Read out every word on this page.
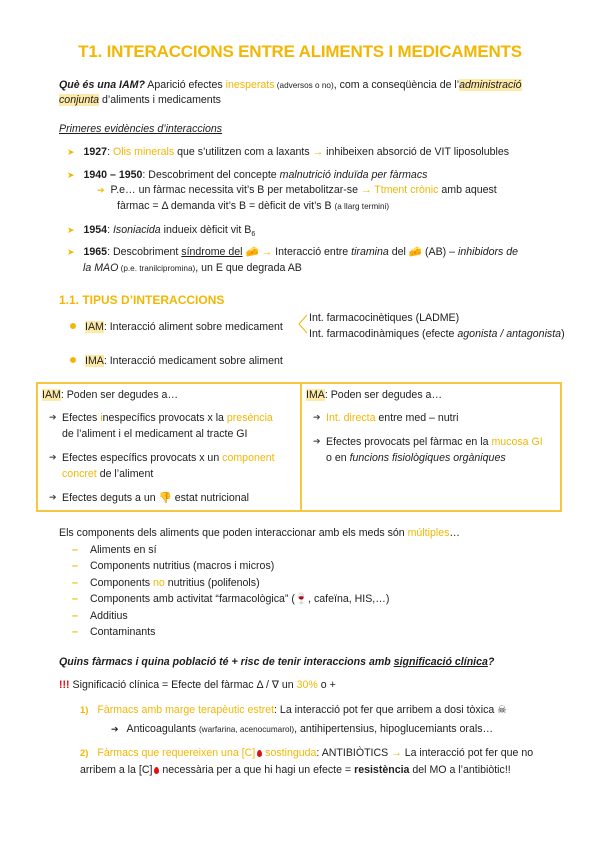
T1. INTERACCIONS ENTRE ALIMENTS I MEDICAMENTS
Què és una IAM? Aparició efectes inesperats (adversos o no), com a conseqüència de l’administració
conjunta d’aliments i medicaments
Primeres evidències d’interaccions
➤ 1927: Olis minerals que s’utilitzen com a laxants → inhibeixen absorció de VIT liposolubles
➤ 1940 – 1950: Descobriment del concepte malnutrició induïda per fàrmacs
➔ P.e… un fàrmac necessita vit’s B per metabolitzar-se → Ttment crònic amb aquest
fàrmac = Δ demanda vit’s B = dèficit de vit’s B (a llarg termini)
➤ 1954: Isoniacida indueix dèficit vit $B_6$
➤ 1965: Descobriment síndrome del 🧀 → Interacció entre tiramina del 🧀 (AB) – inhibidors de
la MAO (p.e. tranilcipromina), un E que degrada AB
1.1. TIPUS D’INTERACCIONS
IAM: Interacció aliment sobre medicament
Int. farmacocinètiques (LADME)
Int. farmacodinàmiques (efecte agonista / antagonista)
IMA: Interacció medicament sobre aliment
IAM: Poden ser degudes a…
➔ Efectes inespecífics provocats x la presència
de l’aliment i el medicament al tracte GI
➔ Efectes específics provocats x un component
concret de l’aliment
➔ Efectes deguts a un 👎 estat nutricional
IMA: Poden ser degudes a…
➔ Int. directa entre med – nutri
➔ Efectes provocats pel fàrmac en la mucosa GI
o en funcions fisiològiques orgàniques
Els components dels aliments que poden interaccionar amb els meds són múltiples…
– Aliments en sí
– Components nutritius (macros i micros)
– Components no nutritius (polifenols)
– Components amb activitat “farmacològica” (🍷, cafeïna, HIS,…)
– Additius
– Contaminants
Quins fàrmacs i quina població té + risc de tenir interaccions amb significació clínica?
!!! Significació clínica = Efecte del fàrmac Δ / ∇ un 30% o +
1) Fàrmacs amb marge terapèutic estret: La interacció pot fer que arribem a dosi tòxica ☠
➔ Anticoagulants (warfarina, acenocumarol), antihipertensius, hipoglucemiants orals…
2) Fàrmacs que requereixen una [C] sostinguda: ANTIBIÒTICS → La interacció pot fer que no
arribem a la [C] necessària per a que hi hagi un efecte = resistència del MO a l’antibiòtic!!
